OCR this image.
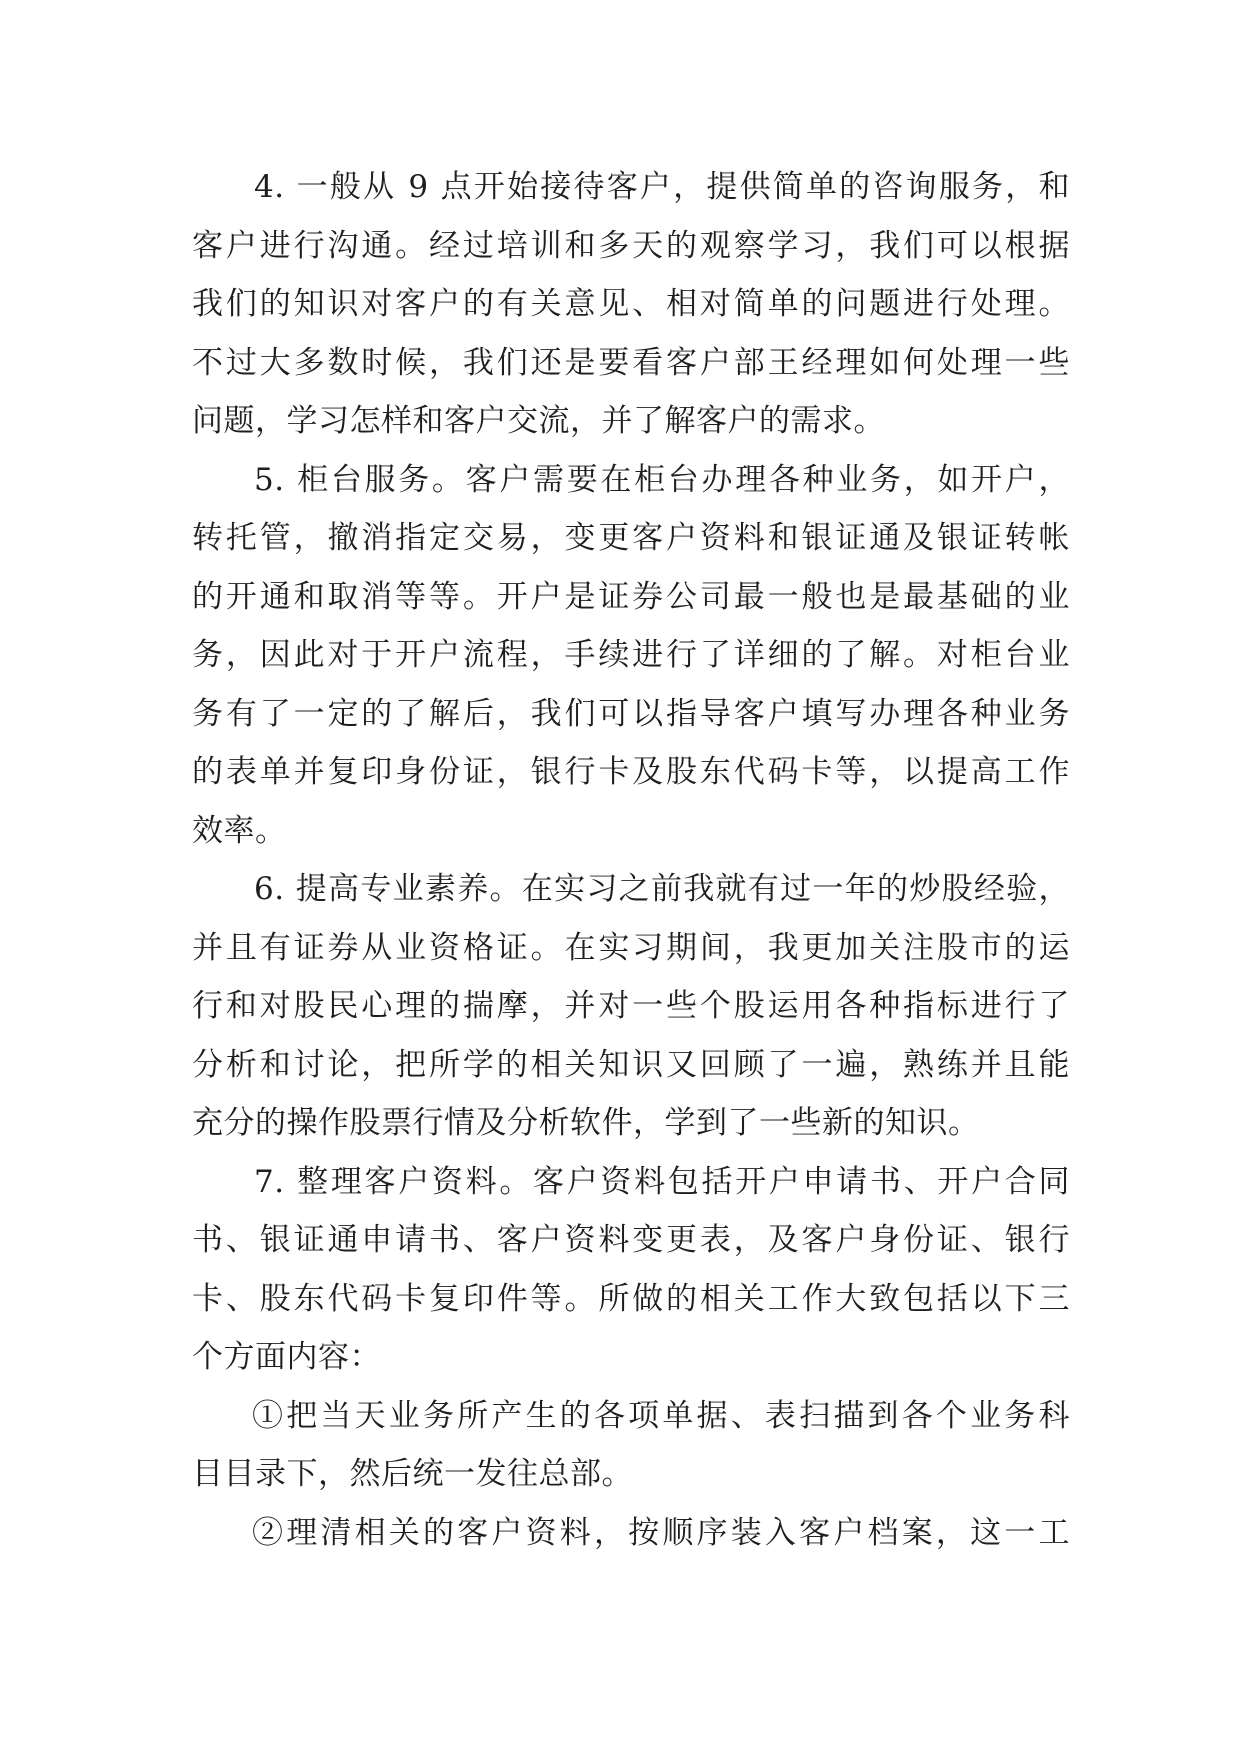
4. 一般从 9 点开始接待客户，提供简单的咨询服务，和
客户进行沟通。经过培训和多天的观察学习，我们可以根据
我们的知识对客户的有关意见、相对简单的问题进行处理。
不过大多数时候，我们还是要看客户部王经理如何处理一些
问题，学习怎样和客户交流，并了解客户的需求。
5. 柜台服务。客户需要在柜台办理各种业务，如开户，
转托管，撤消指定交易，变更客户资料和银证通及银证转帐
的开通和取消等等。开户是证券公司最一般也是最基础的业
务，因此对于开户流程，手续进行了详细的了解。对柜台业
务有了一定的了解后，我们可以指导客户填写办理各种业务
的表单并复印身份证，银行卡及股东代码卡等，以提高工作
效率。
6. 提高专业素养。在实习之前我就有过一年的炒股经验，
并且有证券从业资格证。在实习期间，我更加关注股市的运
行和对股民心理的揣摩，并对一些个股运用各种指标进行了
分析和讨论，把所学的相关知识又回顾了一遍，熟练并且能
充分的操作股票行情及分析软件，学到了一些新的知识。
7. 整理客户资料。客户资料包括开户申请书、开户合同
书、银证通申请书、客户资料变更表，及客户身份证、银行
卡、股东代码卡复印件等。所做的相关工作大致包括以下三
个方面内容：
①把当天业务所产生的各项单据、表扫描到各个业务科
目目录下，然后统一发往总部。
②理清相关的客户资料，按顺序装入客户档案，这一工
